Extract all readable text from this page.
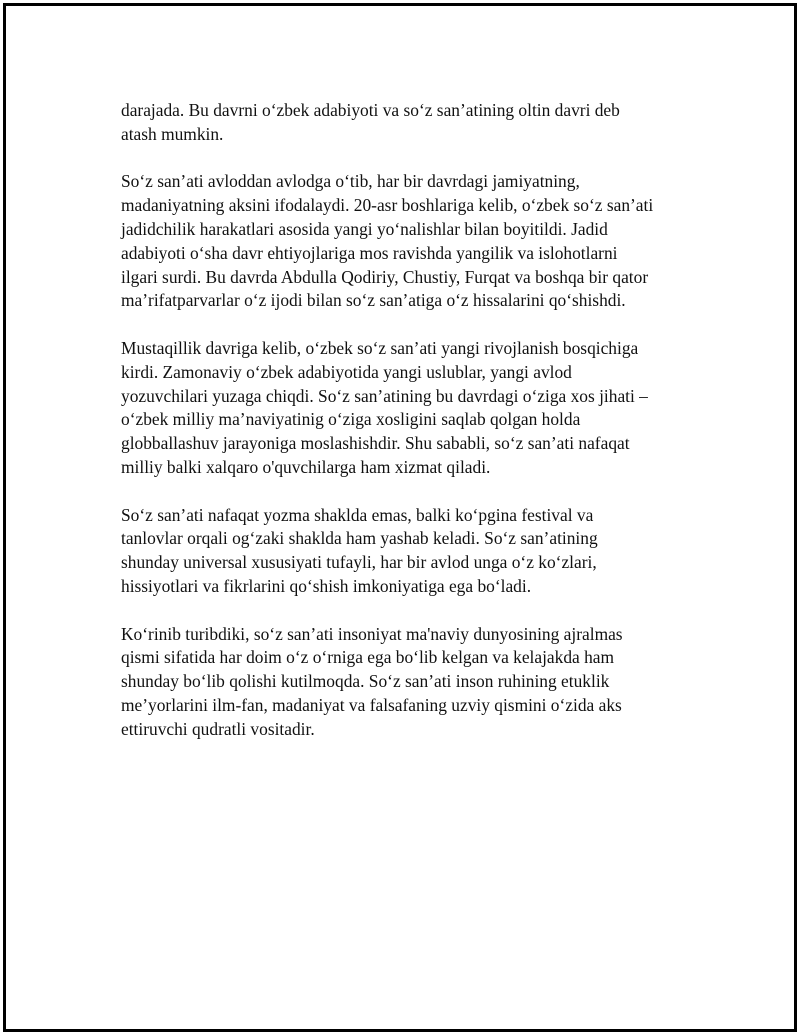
darajada. Bu davrni oʻzbek adabiyoti va soʻz sanʼatining oltin davri deb
atash mumkin.

Soʻz sanʼati avloddan avlodga oʻtib, har bir davrdagi jamiyatning,
madaniyatning aksini ifodalaydi. 20-asr boshlariga kelib, oʻzbek soʻz sanʼati
jadidchilik harakatlari asosida yangi yoʻnalishlar bilan boyitildi. Jadid
adabiyoti oʻsha davr ehtiyojlariga mos ravishda yangilik va islohotlarni
ilgari surdi. Bu davrda Abdulla Qodiriy, Chustiy, Furqat va boshqa bir qator
maʼrifatparvarlar oʻz ijodi bilan soʻz sanʼatiga oʻz hissalarini qoʻshishdi.

Mustaqillik davriga kelib, oʻzbek soʻz sanʼati yangi rivojlanish bosqichiga
kirdi. Zamonaviy oʻzbek adabiyotida yangi uslublar, yangi avlod
yozuvchilari yuzaga chiqdi. Soʻz sanʼatining bu davrdagi oʻziga xos jihati –
oʻzbek milliy maʼnaviyatinig oʻziga xosligini saqlab qolgan holda
globballashuv jarayoniga moslashishdir. Shu sababli, soʻz sanʼati nafaqat
milliy balki xalqaro o'quvchilarga ham xizmat qiladi.

Soʻz sanʼati nafaqat yozma shaklda emas, balki koʻpgina festival va
tanlovlar orqali ogʻzaki shaklda ham yashab keladi. Soʻz sanʼatining
shunday universal xususiyati tufayli, har bir avlod unga oʻz koʻzlari,
hissiyotlari va fikrlarini qoʻshish imkoniyatiga ega boʻladi.

Koʻrinib turibdiki, soʻz sanʼati insoniyat ma'naviy dunyosining ajralmas
qismi sifatida har doim oʻz oʻrniga ega boʻlib kelgan va kelajakda ham
shunday boʻlib qolishi kutilmoqda. Soʻz sanʼati inson ruhining etuklik
meʼyorlarini ilm-fan, madaniyat va falsafaning uzviy qismini oʻzida aks
ettiruvchi qudratli vositadir.
